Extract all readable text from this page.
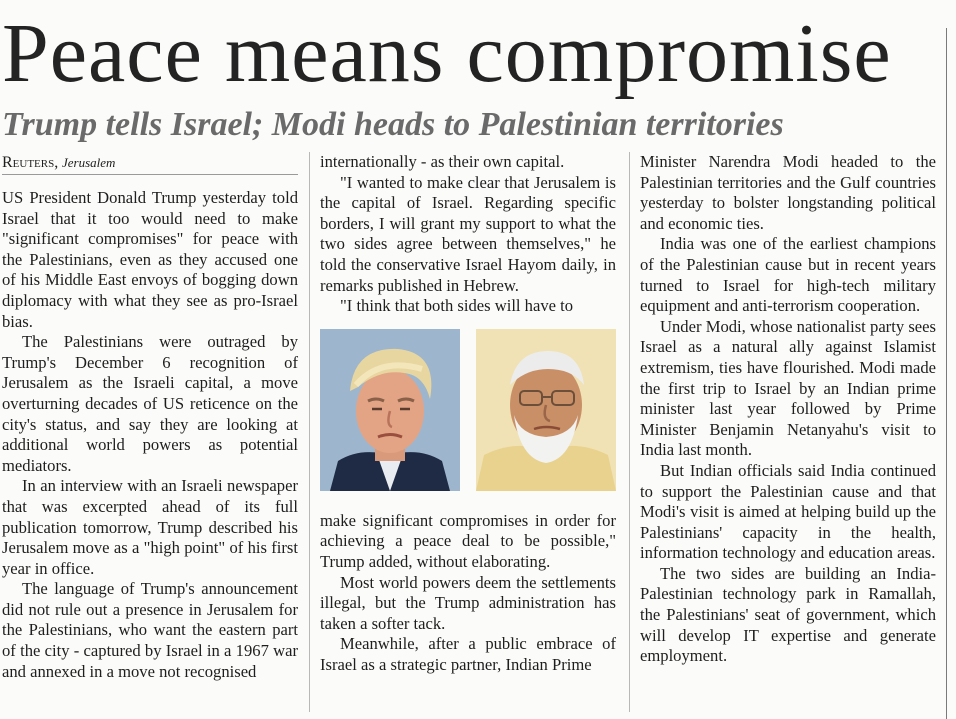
Peace means compromise
Trump tells Israel; Modi heads to Palestinian territories
Reuters, Jerusalem

US President Donald Trump yesterday told Israel that it too would need to make "significant compromises" for peace with the Palestinians, even as they accused one of his Middle East envoys of bogging down diplomacy with what they see as pro-Israel bias.

The Palestinians were outraged by Trump's December 6 recognition of Jerusalem as the Israeli capital, a move overturning decades of US reticence on the city's status, and say they are looking at additional world powers as potential mediators.

In an interview with an Israeli newspaper that was excerpted ahead of its full publication tomorrow, Trump described his Jerusalem move as a "high point" of his first year in office.

The language of Trump's announcement did not rule out a presence in Jerusalem for the Palestinians, who want the eastern part of the city - captured by Israel in a 1967 war and annexed in a move not recognised

internationally - as their own capital.

"I wanted to make clear that Jerusalem is the capital of Israel. Regarding specific borders, I will grant my support to what the two sides agree between themselves," he told the conservative Israel Hayom daily, in remarks published in Hebrew.

"I think that both sides will have to

make significant compromises in order for achieving a peace deal to be possible," Trump added, without elaborating.

Most world powers deem the settlements illegal, but the Trump administration has taken a softer tack.

Meanwhile, after a public embrace of Israel as a strategic partner, Indian Prime

Minister Narendra Modi headed to the Palestinian territories and the Gulf countries yesterday to bolster longstanding political and economic ties.

India was one of the earliest champions of the Palestinian cause but in recent years turned to Israel for high-tech military equipment and anti-terrorism cooperation.

Under Modi, whose nationalist party sees Israel as a natural ally against Islamist extremism, ties have flourished. Modi made the first trip to Israel by an Indian prime minister last year followed by Prime Minister Benjamin Netanyahu's visit to India last month.

But Indian officials said India continued to support the Palestinian cause and that Modi's visit is aimed at helping build up the Palestinians' capacity in the health, information technology and education areas.

The two sides are building an India-Palestinian technology park in Ramallah, the Palestinians' seat of government, which will develop IT expertise and generate employment.
